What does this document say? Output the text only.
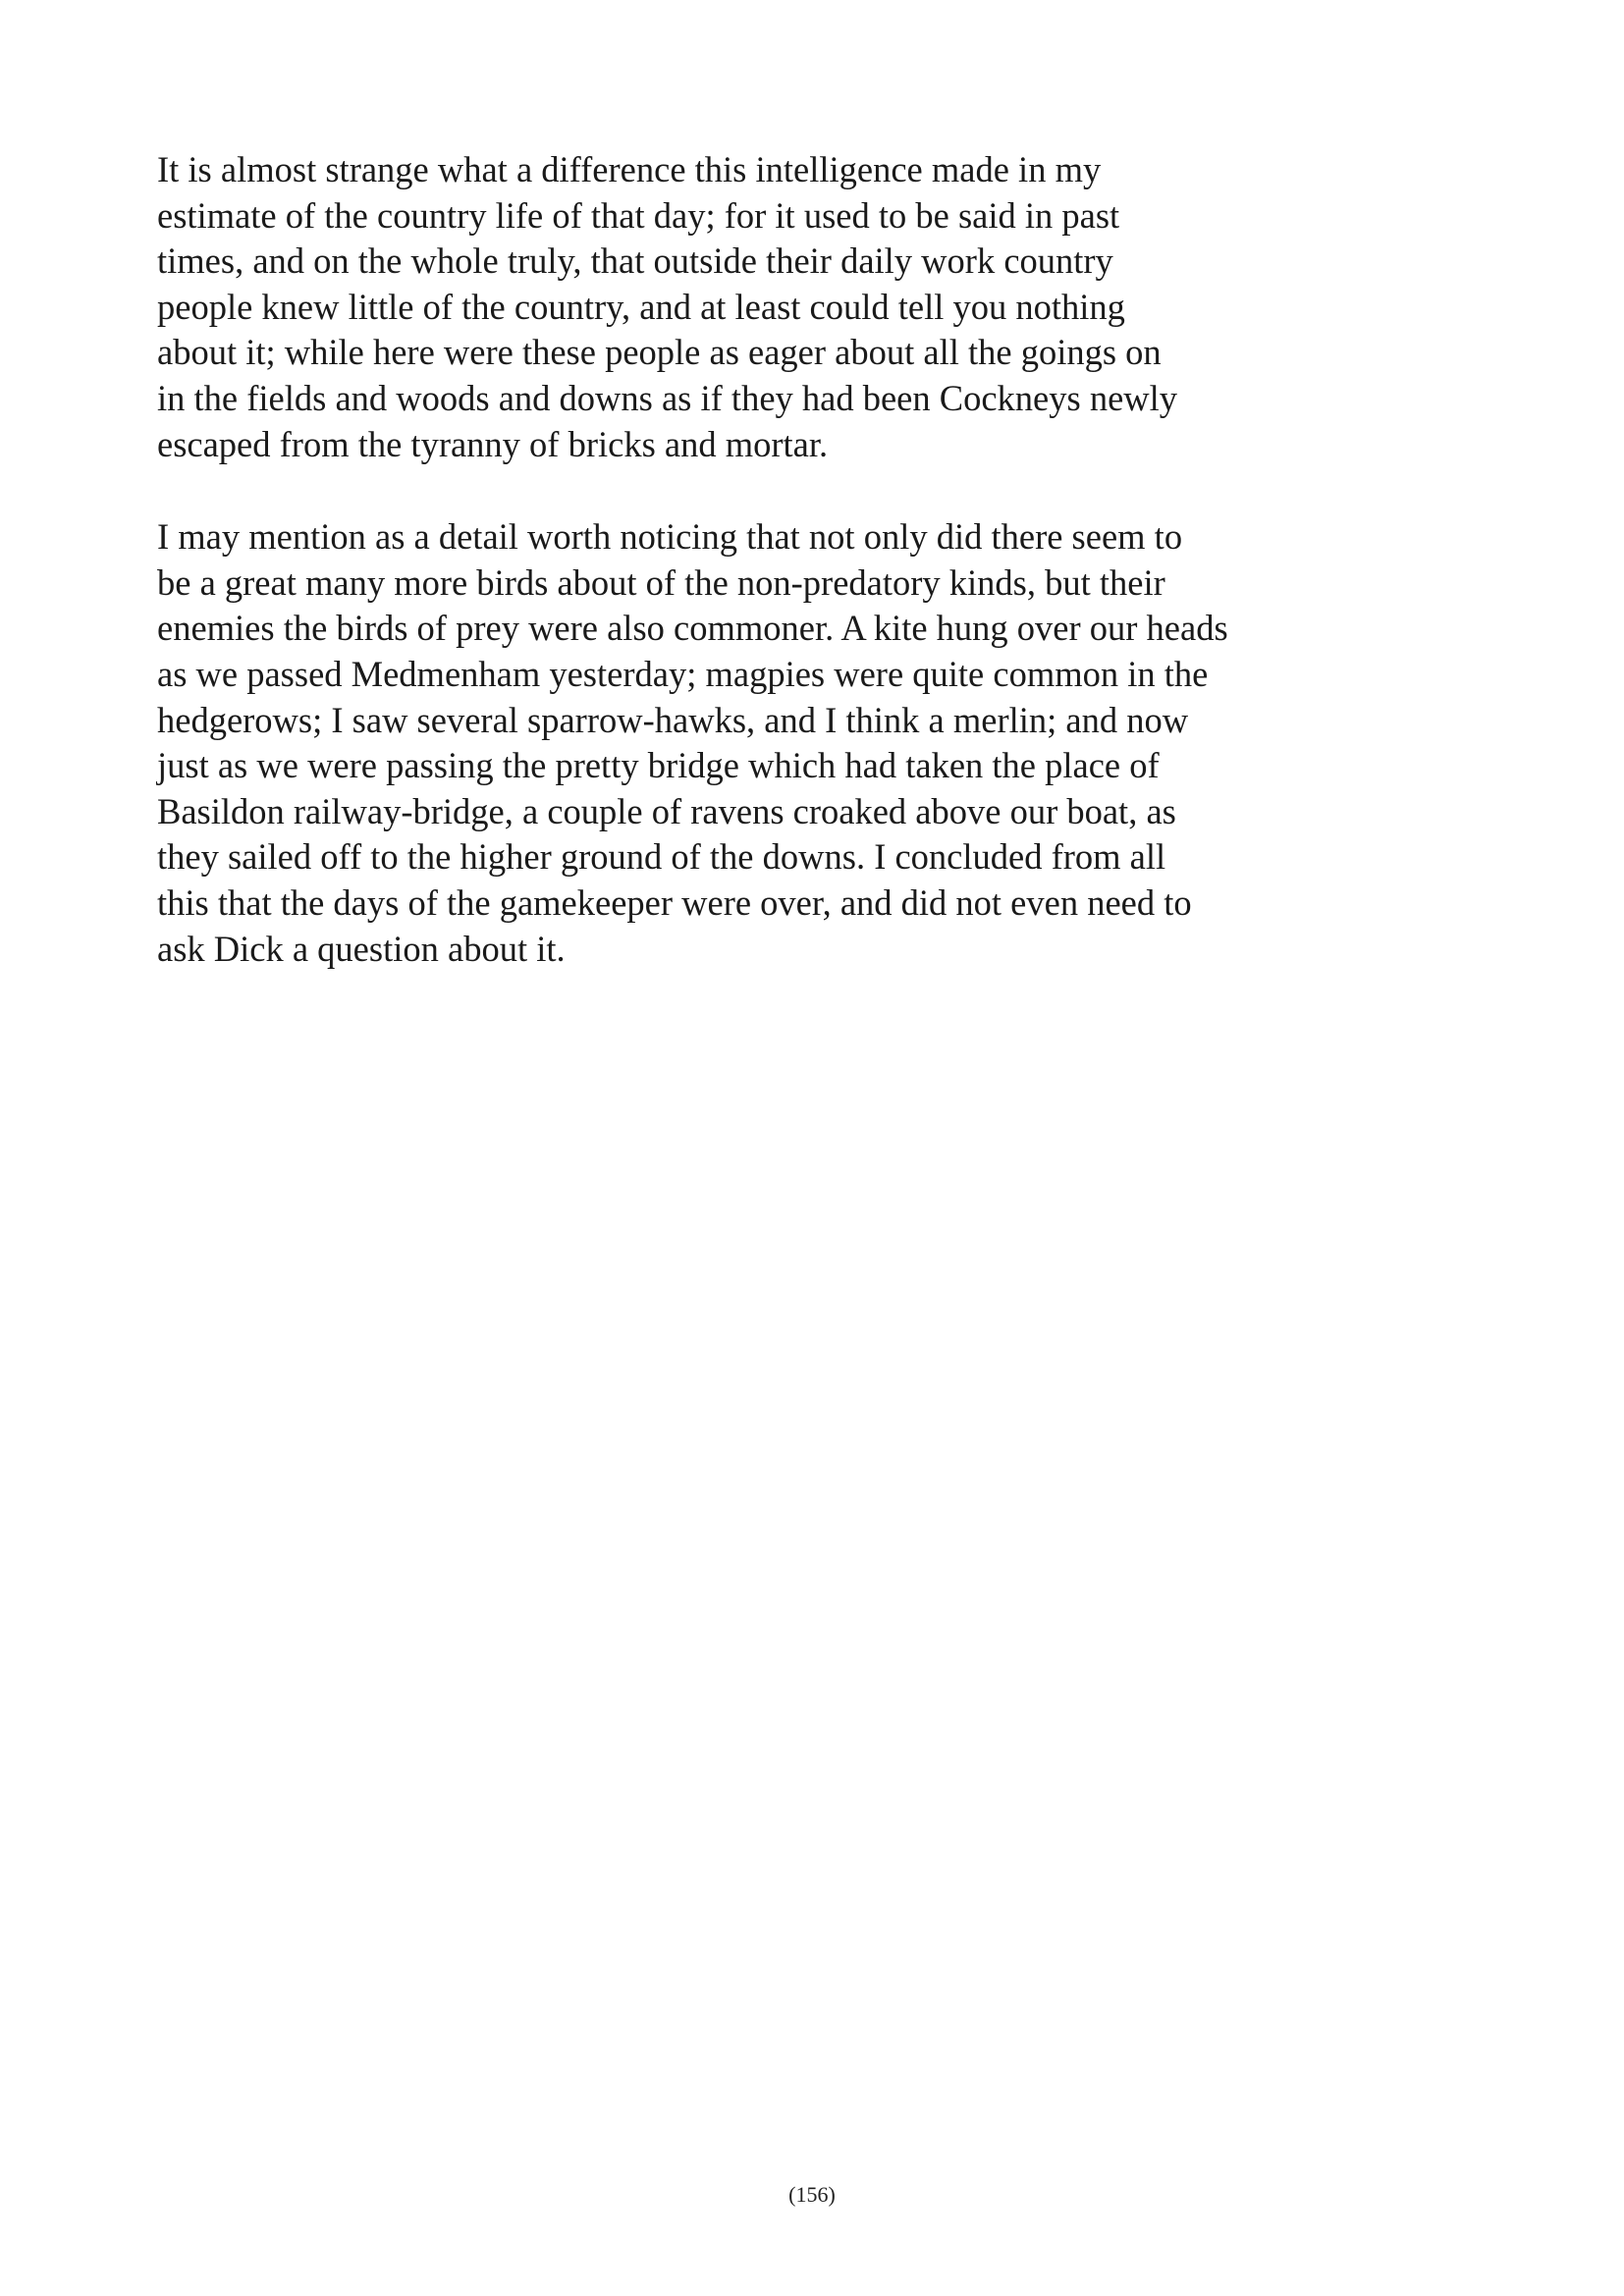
It is almost strange what a difference this intelligence made in my
estimate of the country life of that day; for it used to be said in past
times, and on the whole truly, that outside their daily work country
people knew little of the country, and at least could tell you nothing
about it; while here were these people as eager about all the goings on
in the fields and woods and downs as if they had been Cockneys newly
escaped from the tyranny of bricks and mortar.

I may mention as a detail worth noticing that not only did there seem to
be a great many more birds about of the non-predatory kinds, but their
enemies the birds of prey were also commoner. A kite hung over our heads
as we passed Medmenham yesterday; magpies were quite common in the
hedgerows; I saw several sparrow-hawks, and I think a merlin; and now
just as we were passing the pretty bridge which had taken the place of
Basildon railway-bridge, a couple of ravens croaked above our boat, as
they sailed off to the higher ground of the downs. I concluded from all
this that the days of the gamekeeper were over, and did not even need to
ask Dick a question about it.

(156)
